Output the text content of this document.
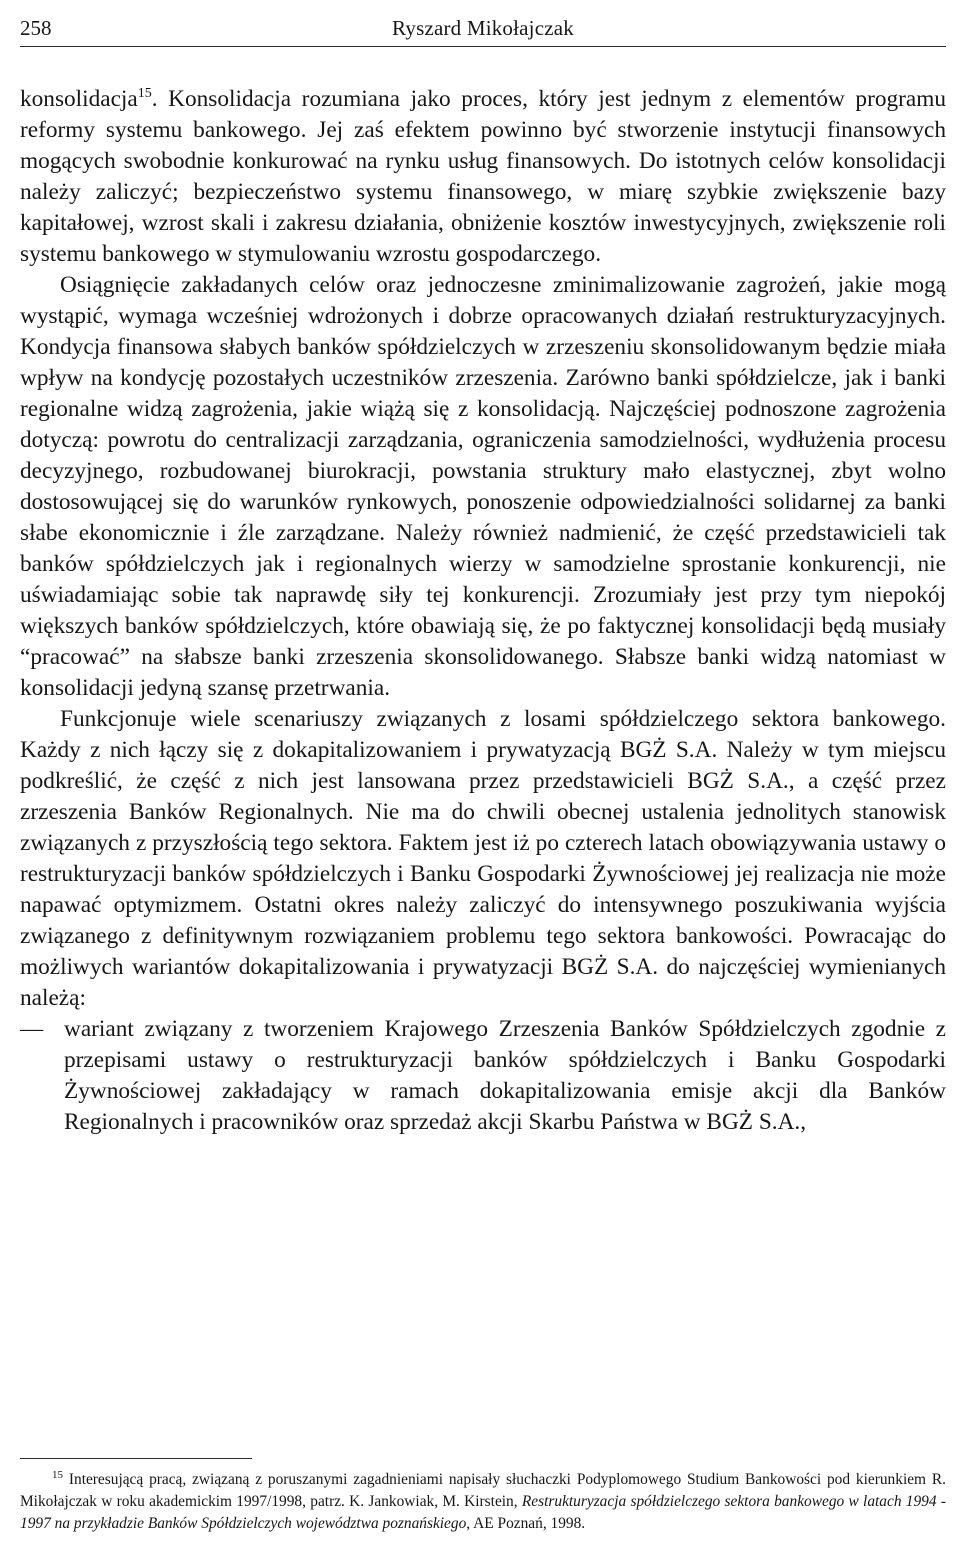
258	Ryszard Mikołajczak

konsolidacja$^{15}$. Konsolidacja rozumiana jako proces, który jest jednym z elementów programu reformy systemu bankowego. Jej zaś efektem powinno być stworzenie instytucji finansowych mogących swobodnie konkurować na rynku usług finansowych. Do istotnych celów konsolidacji należy zaliczyć; bezpieczeństwo systemu finansowego, w miarę szybkie zwiększenie bazy kapitałowej, wzrost skali i zakresu działania, obniżenie kosztów inwestycyjnych, zwiększenie roli systemu bankowego w stymulowaniu wzrostu gospodarczego.

Osiągnięcie zakładanych celów oraz jednoczesne zminimalizowanie zagrożeń, jakie mogą wystąpić, wymaga wcześniej wdrożonych i dobrze opracowanych działań restrukturyzacyjnych. Kondycja finansowa słabych banków spółdzielczych w zrzeszeniu skonsolidowanym będzie miała wpływ na kondycję pozostałych uczestników zrzeszenia. Zarówno banki spółdzielcze, jak i banki regionalne widzą zagrożenia, jakie wiążą się z konsolidacją. Najczęściej podnoszone zagrożenia dotyczą: powrotu do centralizacji zarządzania, ograniczenia samodzielności, wydłużenia procesu decyzyjnego, rozbudowanej biurokracji, powstania struktury mało elastycznej, zbyt wolno dostosowującej się do warunków rynkowych, ponoszenie odpowiedzialności solidarnej za banki słabe ekonomicznie i źle zarządzane. Należy również nadmienić, że część przedstawicieli tak banków spółdzielczych jak i regionalnych wierzy w samodzielne sprostanie konkurencji, nie uświadamiając sobie tak naprawdę siły tej konkurencji. Zrozumiały jest przy tym niepokój większych banków spółdzielczych, które obawiają się, że po faktycznej konsolidacji będą musiały “pracować” na słabsze banki zrzeszenia skonsolidowanego. Słabsze banki widzą natomiast w konsolidacji jedyną szansę przetrwania.

Funkcjonuje wiele scenariuszy związanych z losami spółdzielczego sektora bankowego. Każdy z nich łączy się z dokapitalizowaniem i prywatyzacją BGŻ S.A. Należy w tym miejscu podkreślić, że część z nich jest lansowana przez przedstawicieli BGŻ S.A., a część przez zrzeszenia Banków Regionalnych. Nie ma do chwili obecnej ustalenia jednolitych stanowisk związanych z przyszłością tego sektora. Faktem jest iż po czterech latach obowiązywania ustawy o restrukturyzacji banków spółdzielczych i Banku Gospodarki Żywnościowej jej realizacja nie może napawać optymizmem. Ostatni okres należy zaliczyć do intensywnego poszukiwania wyjścia związanego z definitywnym rozwiązaniem problemu tego sektora bankowości. Powracając do możliwych wariantów dokapitalizowania i prywatyzacji BGŻ S.A. do najczęściej wymienianych należą:

— wariant związany z tworzeniem Krajowego Zrzeszenia Banków Spółdzielczych zgodnie z przepisami ustawy o restrukturyzacji banków spółdzielczych i Banku Gospodarki Żywnościowej zakładający w ramach dokapitalizowania emisje akcji dla Banków Regionalnych i pracowników oraz sprzedaż akcji Skarbu Państwa w BGŻ S.A.,
$^{15}$ Interesującą pracą, związaną z poruszanymi zagadnieniami napisały słuchaczki Podyplomowego Studium Bankowości pod kierunkiem R. Mikołajczak w roku akademickim 1997/1998, patrz. K. Jankowiak, M. Kirstein, Restrukturyzacja spółdzielczego sektora bankowego w latach 1994 - 1997 na przykładzie Banków Spółdzielczych województwa poznańskiego, AE Poznań, 1998.
